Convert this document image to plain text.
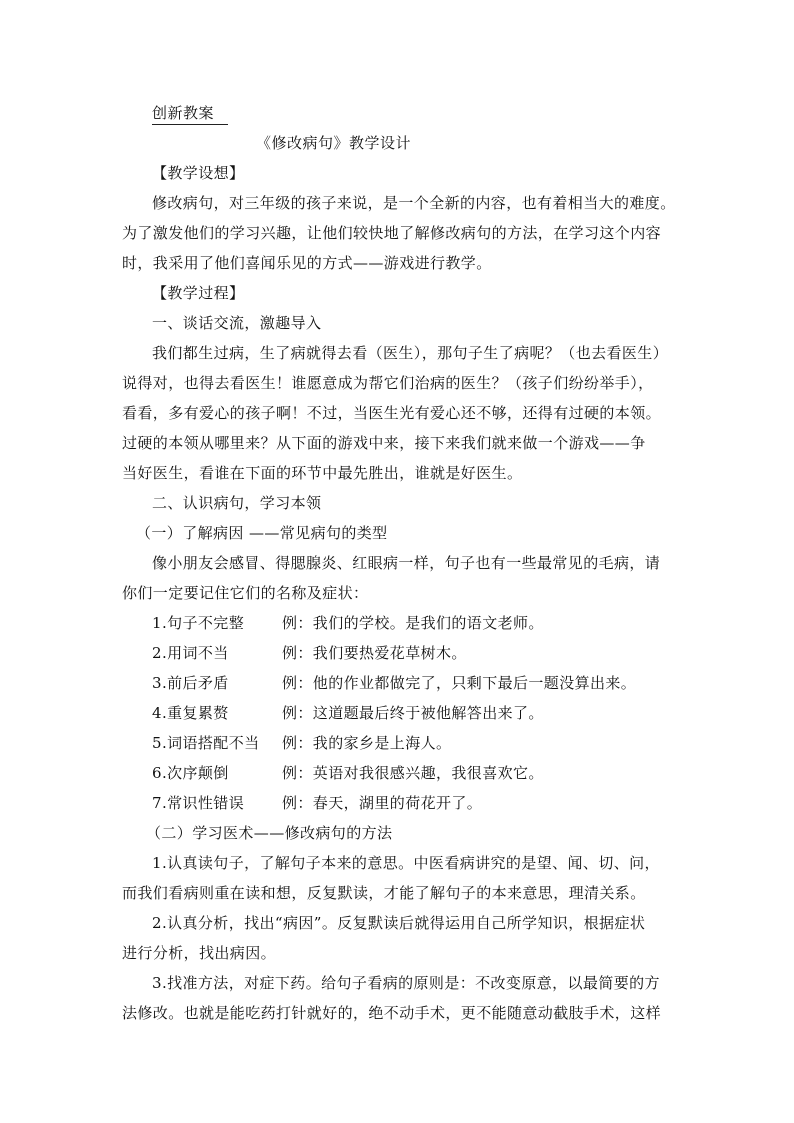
创新教案
《修改病句》教学设计
【教学设想】
修改病句，对三年级的孩子来说，是一个全新的内容，也有着相当大的难度。
为了激发他们的学习兴趣，让他们较快地了解修改病句的方法，在学习这个内容
时，我采用了他们喜闻乐见的方式——游戏进行教学。
【教学过程】
一、谈话交流，激趣导入
我们都生过病，生了病就得去看（医生），那句子生了病呢？（也去看医生）
说得对，也得去看医生！谁愿意成为帮它们治病的医生？（孩子们纷纷举手），
看看，多有爱心的孩子啊！不过，当医生光有爱心还不够，还得有过硬的本领。
过硬的本领从哪里来？从下面的游戏中来，接下来我们就来做一个游戏——争
当好医生，看谁在下面的环节中最先胜出，谁就是好医生。
二、认识病句，学习本领
（一）了解病因 ——常见病句的类型
像小朋友会感冒、得腮腺炎、红眼病一样，句子也有一些最常见的毛病，请
你们一定要记住它们的名称及症状：
1.句子不完整	例：我们的学校。是我们的语文老师。
2.用词不当	例：我们要热爱花草树木。
3.前后矛盾	例：他的作业都做完了，只剩下最后一题没算出来。
4.重复累赘	例：这道题最后终于被他解答出来了。
5.词语搭配不当 例：我的家乡是上海人。
6.次序颠倒	例：英语对我很感兴趣，我很喜欢它。
7.常识性错误	例：春天，湖里的荷花开了。
（二）学习医术——修改病句的方法
1.认真读句子，了解句子本来的意思。中医看病讲究的是望、闻、切、问，
而我们看病则重在读和想，反复默读，才能了解句子的本来意思，理清关系。
2.认真分析，找出“病因”。反复默读后就得运用自己所学知识，根据症状
进行分析，找出病因。
3.找准方法，对症下药。给句子看病的原则是：不改变原意，以最简要的方
法修改。也就是能吃药打针就好的，绝不动手术，更不能随意动截肢手术，这样
